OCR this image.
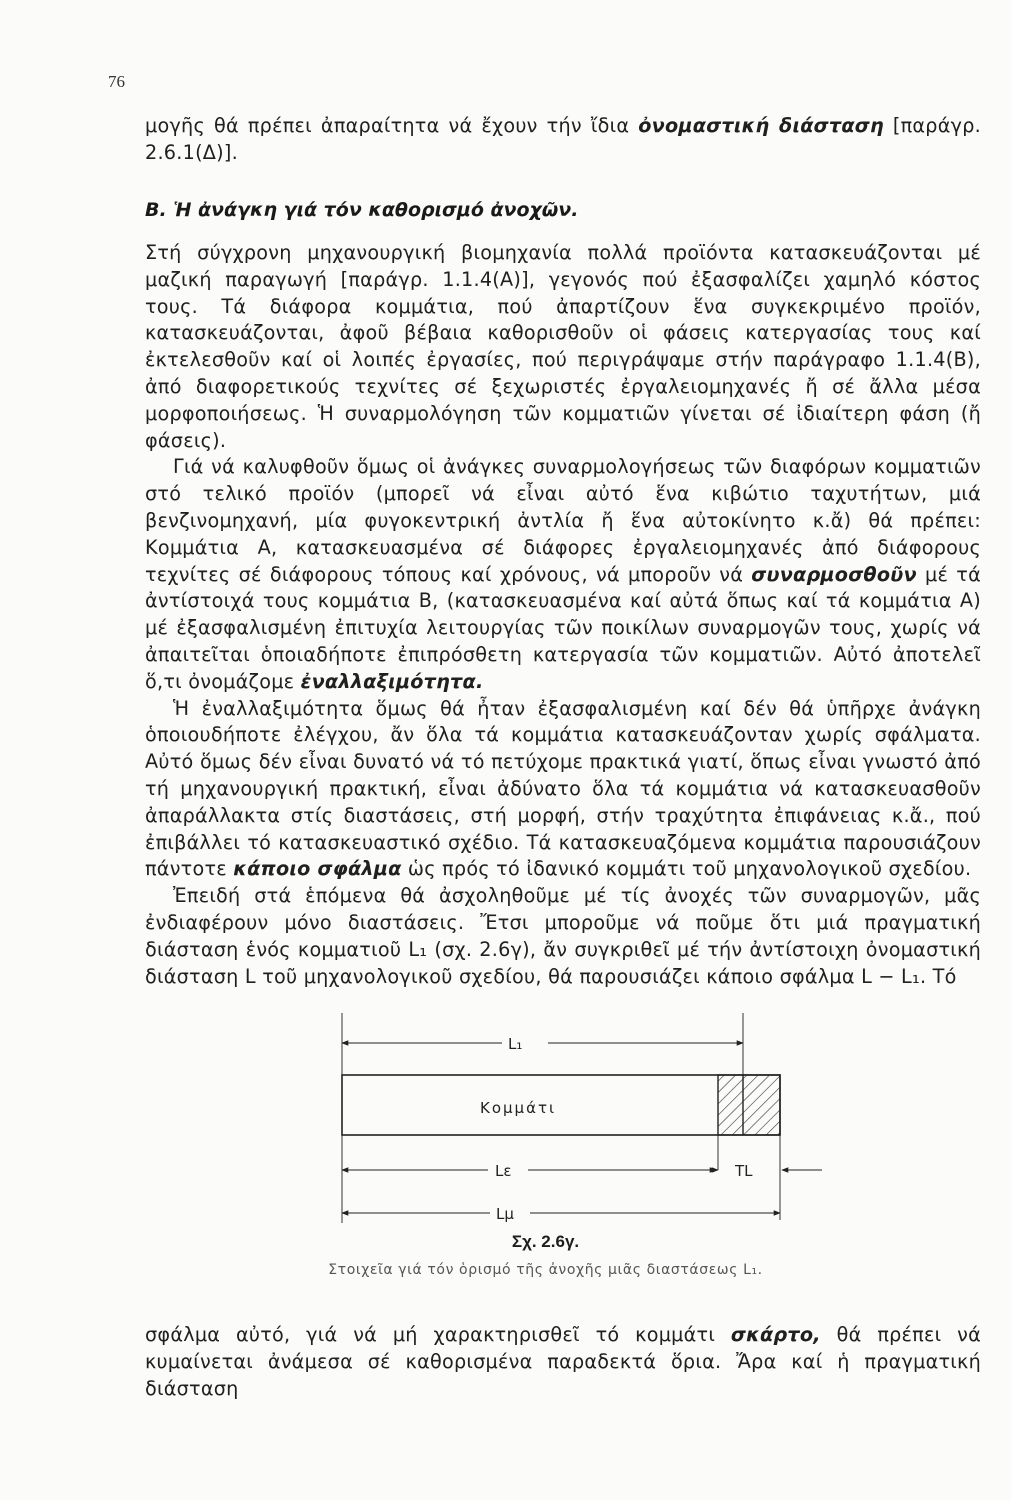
76

μογῆς θά πρέπει ἀπαραίτητα νά ἔχουν τήν ἴδια ὀνομαστική διάσταση [παράγρ. 2.6.1(Δ)].

Β. Ἡ ἀνάγκη γιά τόν καθορισμό ἀνοχῶν.

Στή σύγχρονη μηχανουργική βιομηχανία πολλά προϊόντα κατασκευάζονται μέ μαζική παραγωγή [παράγρ. 1.1.4(Α)], γεγονός πού ἐξασφαλίζει χαμηλό κόστος τους. Τά διάφορα κομμάτια, πού ἀπαρτίζουν ἕνα συγκεκριμένο προϊόν, κατασκευάζονται, ἀφοῦ βέβαια καθορισθοῦν οἱ φάσεις κατεργασίας τους καί ἐκτελεσθοῦν καί οἱ λοιπές ἐργασίες, πού περιγράψαμε στήν παράγραφο 1.1.4(Β), ἀπό διαφορετικούς τεχνίτες σέ ξεχωριστές ἐργαλειομηχανές ἤ σέ ἄλλα μέσα μορφοποιήσεως. Ἡ συναρμολόγηση τῶν κομματιῶν γίνεται σέ ἰδιαίτερη φάση (ἤ φάσεις).

Γιά νά καλυφθοῦν ὅμως οἱ ἀνάγκες συναρμολογήσεως τῶν διαφόρων κομματιῶν στό τελικό προϊόν (μπορεῖ νά εἶναι αὐτό ἕνα κιβώτιο ταχυτήτων, μιά βενζινομηχανή, μία φυγοκεντρική ἀντλία ἤ ἕνα αὐτοκίνητο κ.ἄ) θά πρέπει: Κομμάτια Α, κατασκευασμένα σέ διάφορες ἐργαλειομηχανές ἀπό διάφορους τεχνίτες σέ διάφορους τόπους καί χρόνους, νά μποροῦν νά συναρμοσθοῦν μέ τά ἀντίστοιχά τους κομμάτια Β, (κατασκευασμένα καί αὐτά ὅπως καί τά κομμάτια Α) μέ ἐξασφαλισμένη ἐπιτυχία λειτουργίας τῶν ποικίλων συναρμογῶν τους, χωρίς νά ἀπαιτεῖται ὁποιαδήποτε ἐπιπρόσθετη κατεργασία τῶν κομματιῶν. Αὐτό ἀποτελεῖ ὅ,τι ὀνομάζομε ἐναλλαξιμότητα.

Ἡ ἐναλλαξιμότητα ὅμως θά ἦταν ἐξασφαλισμένη καί δέν θά ὑπῆρχε ἀνάγκη ὁποιουδήποτε ἐλέγχου, ἄν ὅλα τά κομμάτια κατασκευάζονταν χωρίς σφάλματα. Αὐτό ὅμως δέν εἶναι δυνατό νά τό πετύχομε πρακτικά γιατί, ὅπως εἶναι γνωστό ἀπό τή μηχανουργική πρακτική, εἶναι ἀδύνατο ὅλα τά κομμάτια νά κατασκευασθοῦν ἀπαράλλακτα στίς διαστάσεις, στή μορφή, στήν τραχύτητα ἐπιφάνειας κ.ἄ., πού ἐπιβάλλει τό κατασκευαστικό σχέδιο. Τά κατασκευαζόμενα κομμάτια παρουσιάζουν πάντοτε κάποιο σφάλμα ὡς πρός τό ἰδανικό κομμάτι τοῦ μηχανολογικοῦ σχεδίου.

Ἐπειδή στά ἑπόμενα θά ἀσχοληθοῦμε μέ τίς ἀνοχές τῶν συναρμογῶν, μᾶς ἐνδιαφέρουν μόνο διαστάσεις. Ἔτσι μποροῦμε νά ποῦμε ὅτι μιά πραγματική διάσταση ἑνός κομματιοῦ L₁ (σχ. 2.6γ), ἄν συγκριθεῖ μέ τήν ἀντίστοιχη ὀνομαστική διάσταση L τοῦ μηχανολογικοῦ σχεδίου, θά παρουσιάζει κάποιο σφάλμα L − L₁. Τό

L₁
Κομμάτι
Lε	TL
Lμ
Σχ. 2.6γ.
Στοιχεῖα γιά τόν ὁρισμό τῆς ἀνοχῆς μιᾶς διαστάσεως L₁.

σφάλμα αὐτό, γιά νά μή χαρακτηρισθεῖ τό κομμάτι σκάρτο, θά πρέπει νά κυμαίνεται ἀνάμεσα σέ καθορισμένα παραδεκτά ὅρια. Ἄρα καί ἡ πραγματική διάσταση
